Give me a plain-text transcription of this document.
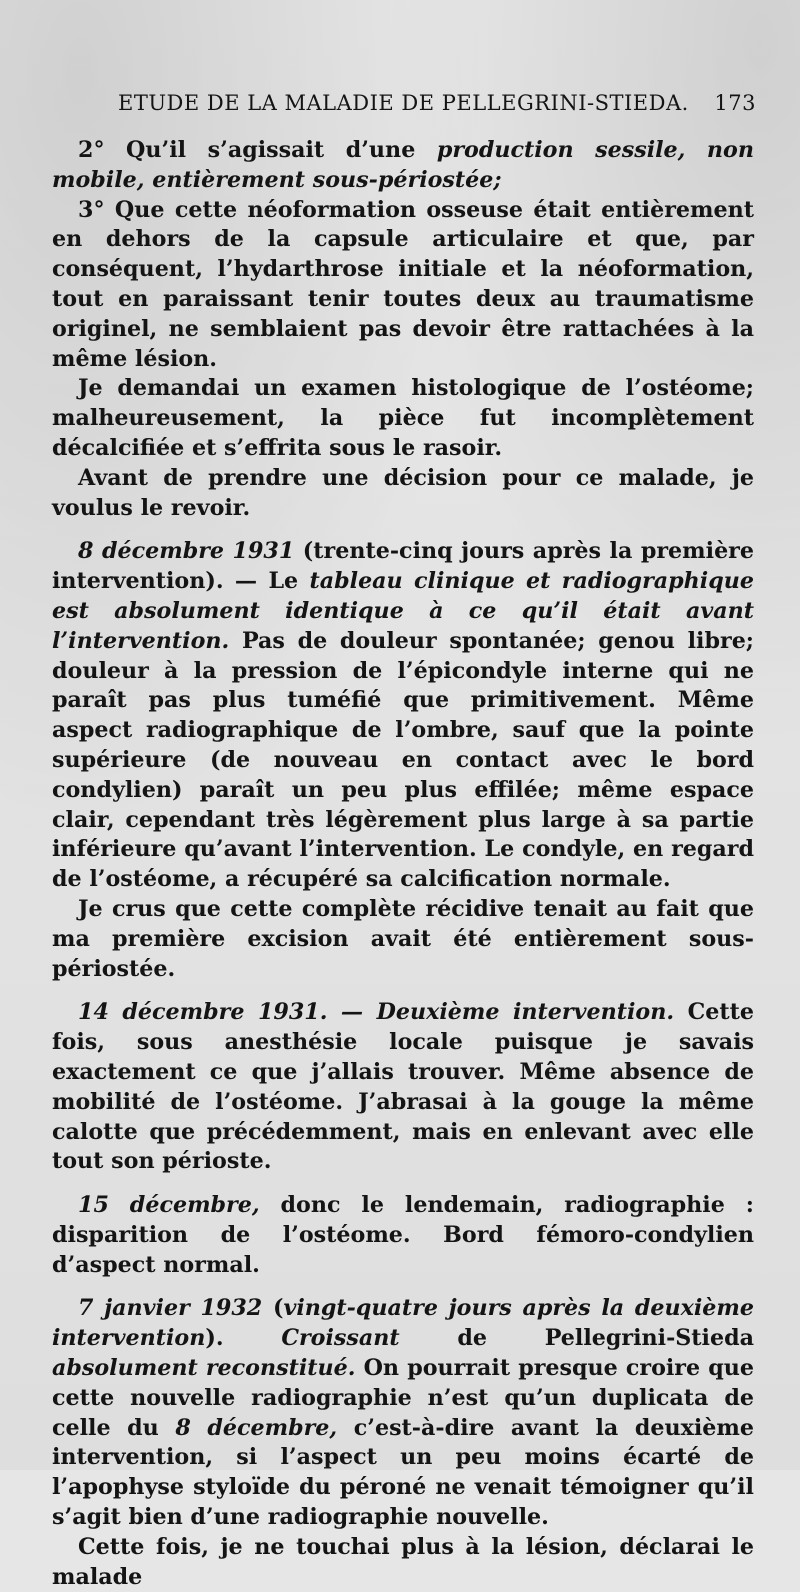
ETUDE DE LA MALADIE DE PELLEGRINI-STIEDA. 173

2° Qu’il s’agissait d’une production sessile, non mobile, entièrement sous-périostée;

3° Que cette néoformation osseuse était entièrement en dehors de la capsule articulaire et que, par conséquent, l’hydarthrose initiale et la néoformation, tout en paraissant tenir toutes deux au traumatisme originel, ne semblaient pas devoir être rattachées à la même lésion.

Je demandai un examen histologique de l’ostéome; malheureusement, la pièce fut incomplètement décalcifiée et s’effrita sous le rasoir.

Avant de prendre une décision pour ce malade, je voulus le revoir.

8 décembre 1931 (trente-cinq jours après la première intervention). — Le tableau clinique et radiographique est absolument identique à ce qu’il était avant l’intervention. Pas de douleur spontanée; genou libre; douleur à la pression de l’épicondyle interne qui ne paraît pas plus tuméfié que primitivement. Même aspect radiographique de l’ombre, sauf que la pointe supérieure (de nouveau en contact avec le bord condylien) paraît un peu plus effilée; même espace clair, cependant très légèrement plus large à sa partie inférieure qu’avant l’intervention. Le condyle, en regard de l’ostéome, a récupéré sa calcification normale.

Je crus que cette complète récidive tenait au fait que ma première excision avait été entièrement sous-périostée.

14 décembre 1931. — Deuxième intervention. Cette fois, sous anesthésie locale puisque je savais exactement ce que j’allais trouver. Même absence de mobilité de l’ostéome. J’abrasai à la gouge la même calotte que précédemment, mais en enlevant avec elle tout son périoste.

15 décembre, donc le lendemain, radiographie : disparition de l’ostéome. Bord fémoro-condylien d’aspect normal.

7 janvier 1932 (vingt-quatre jours après la deuxième intervention). Croissant de Pellegrini-Stieda absolument reconstitué. On pourrait presque croire que cette nouvelle radiographie n’est qu’un duplicata de celle du 8 décembre, c’est-à-dire avant la deuxième intervention, si l’aspect un peu moins écarté de l’apophyse styloïde du péroné ne venait témoigner qu’il s’agit bien d’une radiographie nouvelle.

Cette fois, je ne touchai plus à la lésion, déclarai le malade
